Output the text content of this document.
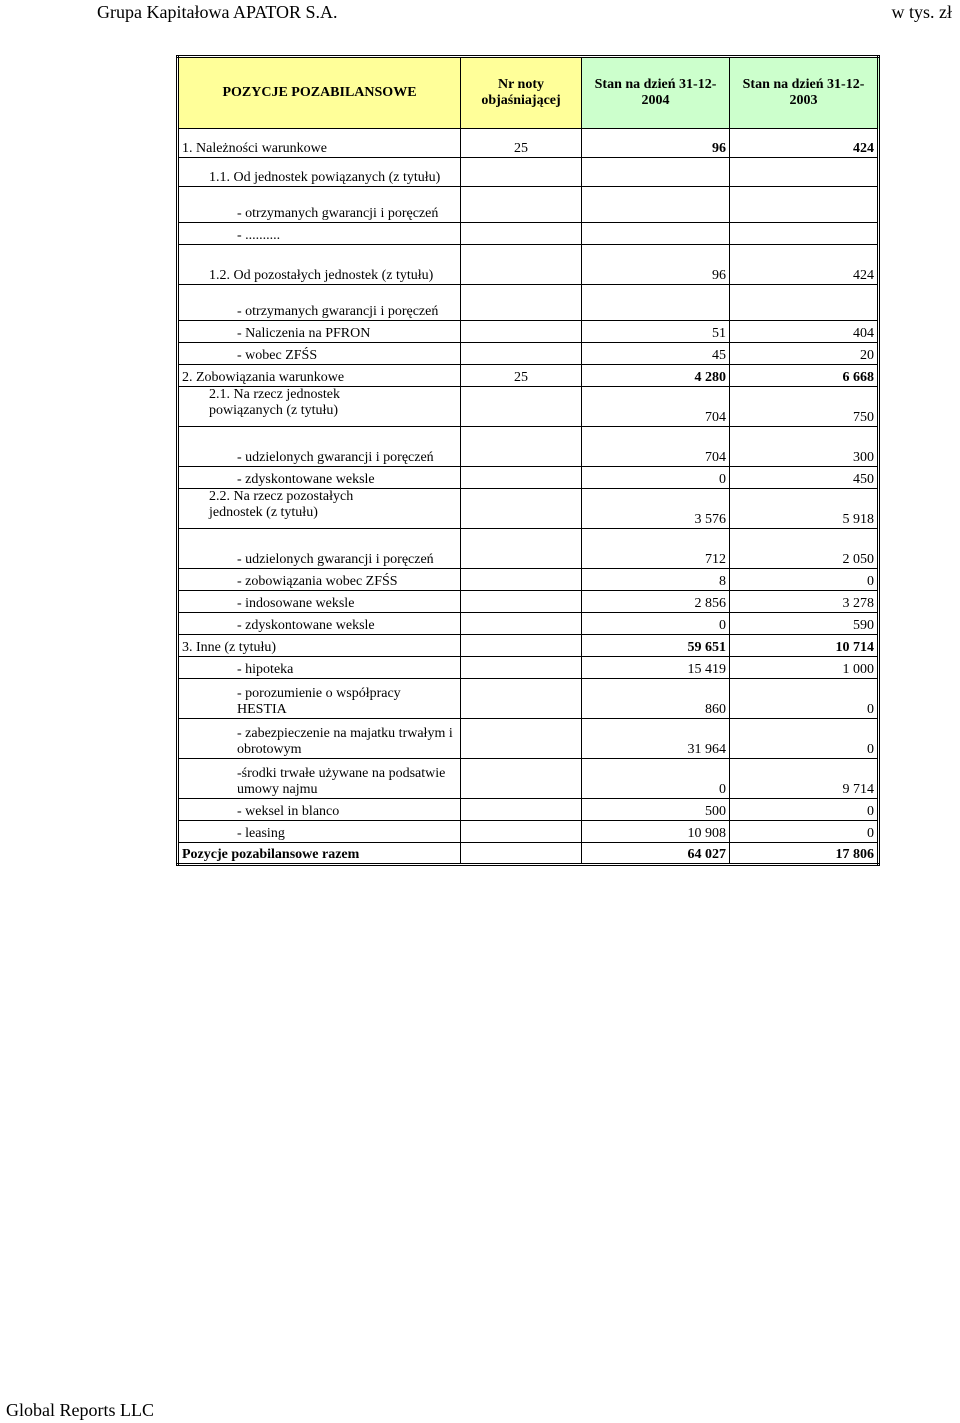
Grupa Kapitałowa APATOR S.A.	w tys. zł
POZYCJE POZABILANSOWE	Nr noty objaśniającej	Stan na dzień 31-12-2004	Stan na dzień 31-12-2003
1. Należności warunkowe	25	96	424
1.1. Od jednostek powiązanych (z tytułu)			
- otrzymanych gwarancji i poręczeń			
- ..........			
1.2. Od pozostałych jednostek (z tytułu)		96	424
- otrzymanych gwarancji i poręczeń			
- Naliczenia na PFRON		51	404
- wobec ZFŚS		45	20
2. Zobowiązania warunkowe	25	4 280	6 668
2.1. Na rzecz jednostek powiązanych (z tytułu)		704	750
- udzielonych gwarancji i poręczeń		704	300
- zdyskontowane weksle		0	450
2.2. Na rzecz pozostałych jednostek (z tytułu)		3 576	5 918
- udzielonych gwarancji i poręczeń		712	2 050
- zobowiązania wobec ZFŚS		8	0
- indosowane weksle		2 856	3 278
- zdyskontowane weksle		0	590
3. Inne (z tytułu)		59 651	10 714
- hipoteka		15 419	1 000
- porozumienie o współpracy HESTIA		860	0
- zabezpieczenie na majatku trwałym i obrotowym		31 964	0
-środki trwałe używane na podsatwie umowy najmu		0	9 714
- weksel in blanco		500	0
- leasing		10 908	0
Pozycje pozabilansowe razem		64 027	17 806
Global Reports LLC
